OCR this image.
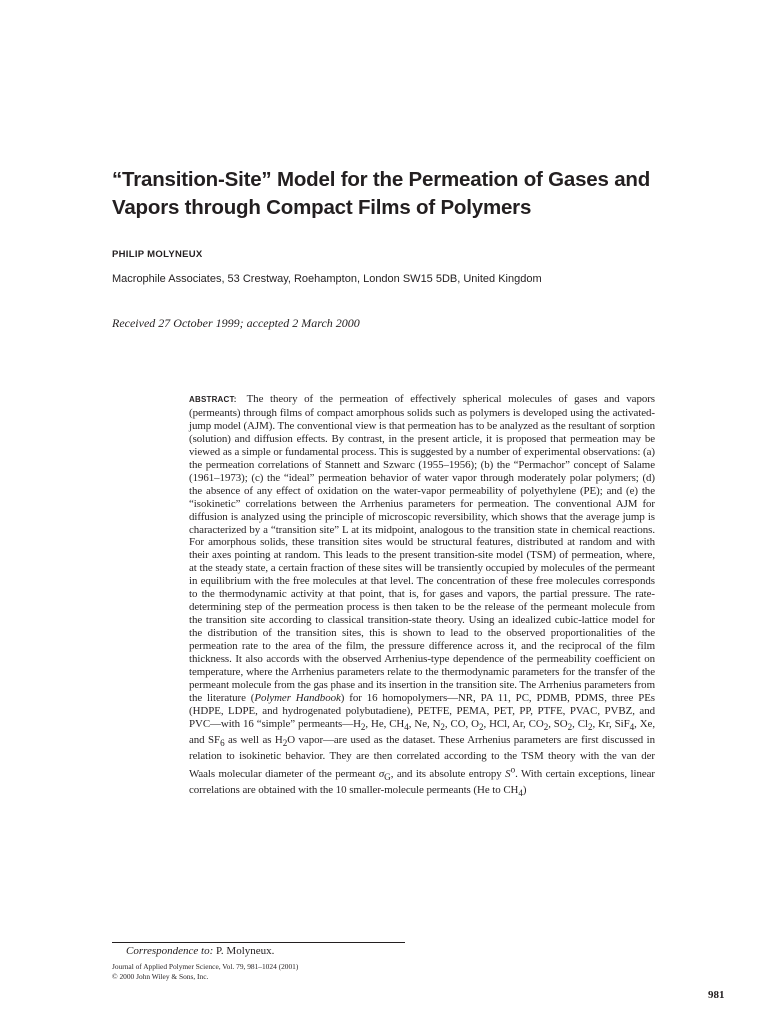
“Transition-Site” Model for the Permeation of Gases and Vapors through Compact Films of Polymers
PHILIP MOLYNEUX
Macrophile Associates, 53 Crestway, Roehampton, London SW15 5DB, United Kingdom
Received 27 October 1999; accepted 2 March 2000
ABSTRACT: The theory of the permeation of effectively spherical molecules of gases and vapors (permeants) through films of compact amorphous solids such as polymers is developed using the activated-jump model (AJM). The conventional view is that permeation has to be analyzed as the resultant of sorption (solution) and diffusion effects. By contrast, in the present article, it is proposed that permeation may be viewed as a simple or fundamental process. This is suggested by a number of experimental observations: (a) the permeation correlations of Stannett and Szwarc (1955–1956); (b) the “Permachor” concept of Salame (1961–1973); (c) the “ideal” permeation behavior of water vapor through moderately polar polymers; (d) the absence of any effect of oxidation on the water-vapor permeability of polyethylene (PE); and (e) the “isokinetic” correlations between the Arrhenius parameters for permeation. The conventional AJM for diffusion is analyzed using the principle of microscopic reversibility, which shows that the average jump is characterized by a “transition site” L at its midpoint, analogous to the transition state in chemical reactions. For amorphous solids, these transition sites would be structural features, distributed at random and with their axes pointing at random. This leads to the present transition-site model (TSM) of permeation, where, at the steady state, a certain fraction of these sites will be transiently occupied by molecules of the permeant in equilibrium with the free molecules at that level. The concentration of these free molecules corresponds to the thermodynamic activity at that point, that is, for gases and vapors, the partial pressure. The rate-determining step of the permeation process is then taken to be the release of the permeant molecule from the transition site according to classical transition-state theory. Using an idealized cubic-lattice model for the distribution of the transition sites, this is shown to lead to the observed proportionalities of the permeation rate to the area of the film, the pressure difference across it, and the reciprocal of the film thickness. It also accords with the observed Arrhenius-type dependence of the permeability coefficient on temperature, where the Arrhenius parameters relate to the thermodynamic parameters for the transfer of the permeant molecule from the gas phase and its insertion in the transition site. The Arrhenius parameters from the literature (Polymer Handbook) for 16 homopolymers—NR, PA 11, PC, PDMB, PDMS, three PEs (HDPE, LDPE, and hydrogenated polybutadiene), PETFE, PEMA, PET, PP, PTFE, PVAC, PVBZ, and PVC—with 16 “simple” $permeants—H_2$, He, $CH_4$, Ne, $N_2$, CO, $O_2$, HCl, Ar, $CO_2$, $SO_2$, $Cl_2$, Kr, SiF$_4$, Xe, and $SF_6$ as well as $H_2O$ vapor—are used as the dataset. These Arrhenius parameters are first discussed in relation to isokinetic behavior. They are then correlated according to the TSM theory with the van der Waals molecular diameter of the permeant $\sigma_G$, and its absolute entropy $S^o$. With certain exceptions, linear correlations are obtained with the 10 smaller-molecule permeants (He to $CH_4$)
Correspondence to: P. Molyneux.
Journal of Applied Polymer Science, Vol. 79, 981–1024 (2001)
© 2000 John Wiley & Sons, Inc.
981
